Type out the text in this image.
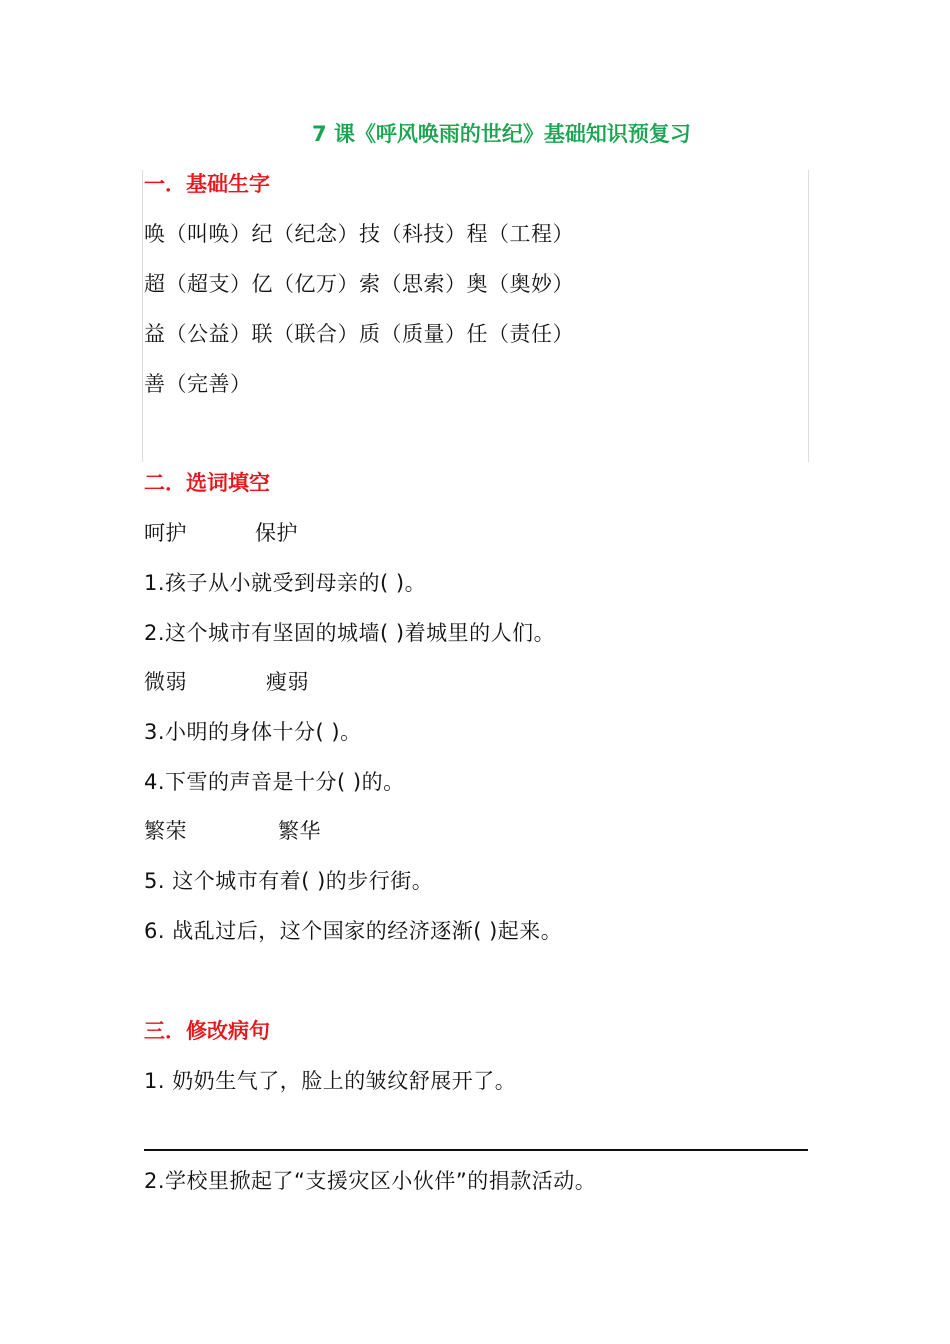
7 课《呼风唤雨的世纪》基础知识预复习
一．基础生字
唤（叫唤）纪（纪念）技（科技）程（工程）
超（超支）亿（亿万）索（思索）奥（奥妙）
益（公益）联（联合）质（质量）任（责任）
善（完善）
二．选词填空
呵护	保护
1.孩子从小就受到母亲的( )。
2.这个城市有坚固的城墙( )着城里的人们。
微弱	瘦弱
3.小明的身体十分( )。
4.下雪的声音是十分( )的。
繁荣	繁华
5. 这个城市有着( )的步行街。
6. 战乱过后，这个国家的经济逐渐( )起来。
三．修改病句
1. 奶奶生气了，脸上的皱纹舒展开了。
2.学校里掀起了“支援灾区小伙伴”的捐款活动。
